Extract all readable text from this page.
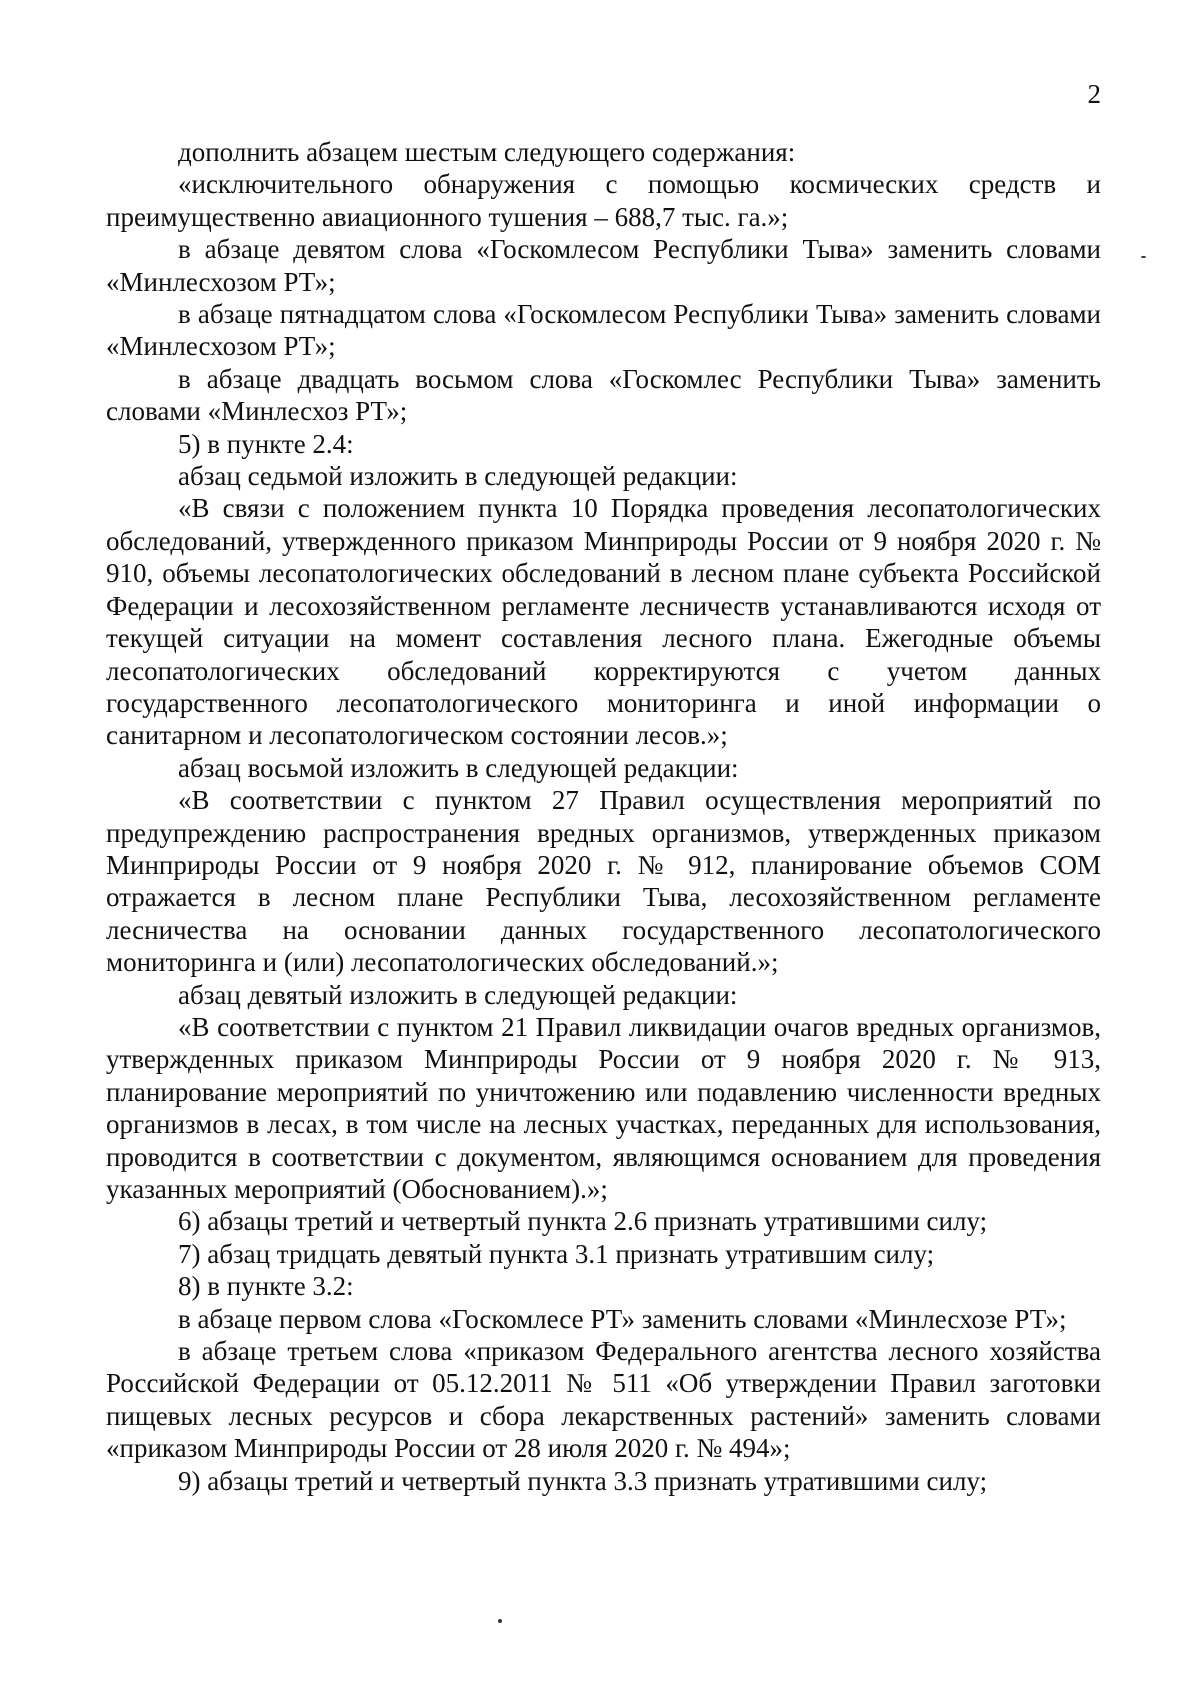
2

дополнить абзацем шестым следующего содержания:

«исключительного обнаружения с помощью космических средств и преимущественно авиационного тушения – 688,7 тыс. га.»;

в абзаце девятом слова «Госкомлесом Республики Тыва» заменить словами «Минлесхозом РТ»;

в абзаце пятнадцатом слова «Госкомлесом Республики Тыва» заменить словами «Минлесхозом РТ»;

в абзаце двадцать восьмом слова «Госкомлес Республики Тыва» заменить словами «Минлесхоз РТ»;

5) в пункте 2.4:

абзац седьмой изложить в следующей редакции:

«В связи с положением пункта 10 Порядка проведения лесопатологических обследований, утвержденного приказом Минприроды России от 9 ноября 2020 г. № 910, объемы лесопатологических обследований в лесном плане субъекта Российской Федерации и лесохозяйственном регламенте лесничеств устанавливаются исходя от текущей ситуации на момент составления лесного плана. Ежегодные объемы лесопатологических обследований корректируются с учетом данных государственного лесопатологического мониторинга и иной информации о санитарном и лесопатологическом состоянии лесов.»;

абзац восьмой изложить в следующей редакции:

«В соответствии с пунктом 27 Правил осуществления мероприятий по предупреждению распространения вредных организмов, утвержденных приказом Минприроды России от 9 ноября 2020 г. № 912, планирование объемов СОМ отражается в лесном плане Республики Тыва, лесохозяйственном регламенте лесничества на основании данных государственного лесопатологического мониторинга и (или) лесопатологических обследований.»;

абзац девятый изложить в следующей редакции:

«В соответствии с пунктом 21 Правил ликвидации очагов вредных организмов, утвержденных приказом Минприроды России от 9 ноября 2020 г. № 913, планирование мероприятий по уничтожению или подавлению численности вредных организмов в лесах, в том числе на лесных участках, переданных для использования, проводится в соответствии с документом, являющимся основанием для проведения указанных мероприятий (Обоснованием).»;

6) абзацы третий и четвертый пункта 2.6 признать утратившими силу;

7) абзац тридцать девятый пункта 3.1 признать утратившим силу;

8) в пункте 3.2:

в абзаце первом слова «Госкомлесе РТ» заменить словами «Минлесхозе РТ»;

в абзаце третьем слова «приказом Федерального агентства лесного хозяйства Российской Федерации от 05.12.2011 № 511 «Об утверждении Правил заготовки пищевых лесных ресурсов и сбора лекарственных растений» заменить словами «приказом Минприроды России от 28 июля 2020 г. № 494»;

9) абзацы третий и четвертый пункта 3.3 признать утратившими силу;
